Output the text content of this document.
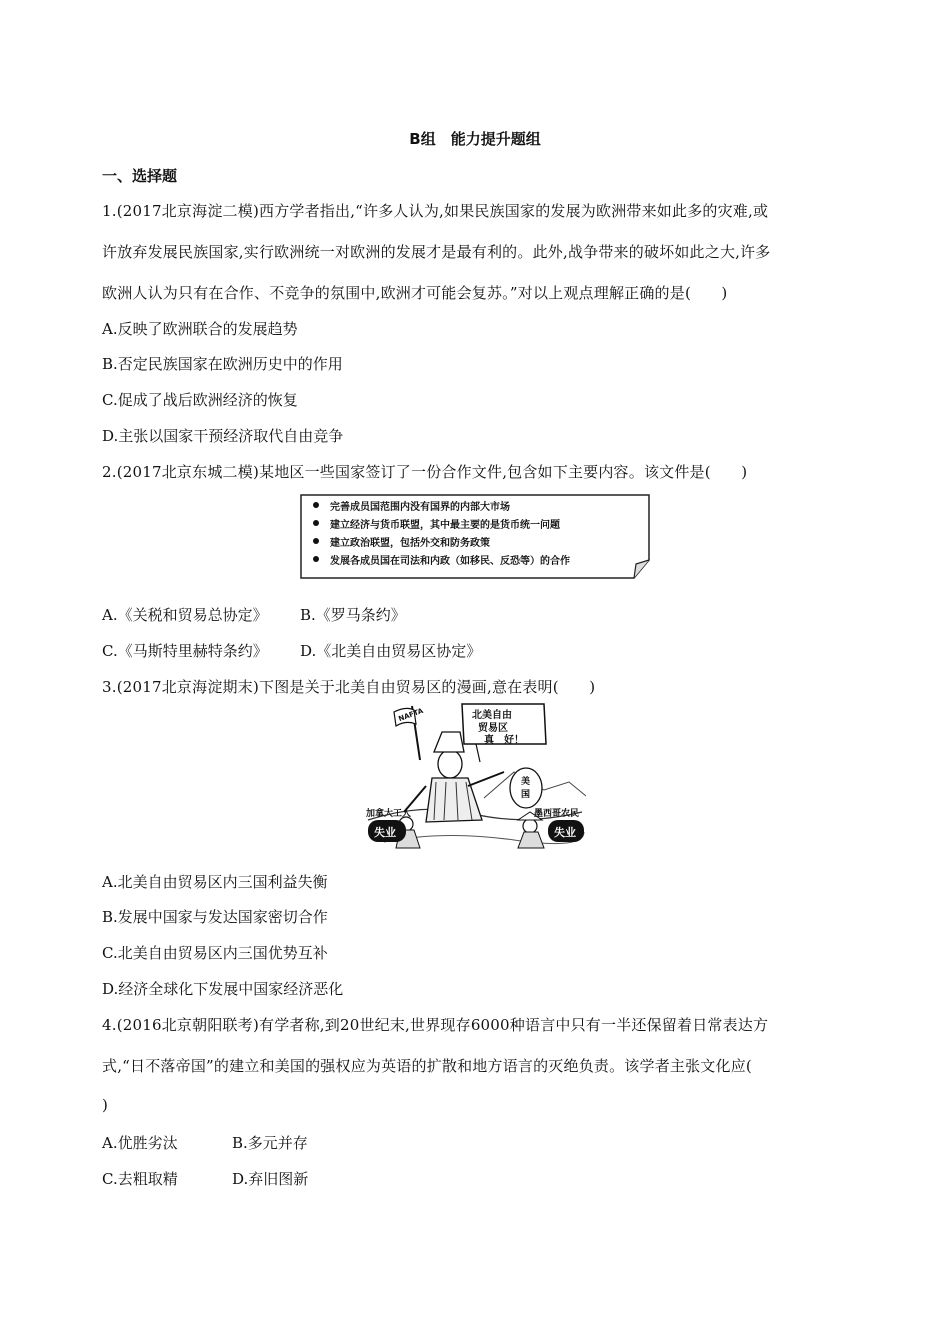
B组　能力提升题组
一、选择题
1.(2017北京海淀二模)西方学者指出,“许多人认为,如果民族国家的发展为欧洲带来如此多的灾难,或
许放弃发展民族国家,实行欧洲统一对欧洲的发展才是最有利的。此外,战争带来的破坏如此之大,许多
欧洲人认为只有在合作、不竞争的氛围中,欧洲才可能会复苏。”对以上观点理解正确的是(　　)
A.反映了欧洲联合的发展趋势
B.否定民族国家在欧洲历史中的作用
C.促成了战后欧洲经济的恢复
D.主张以国家干预经济取代自由竞争
2.(2017北京东城二模)某地区一些国家签订了一份合作文件,包含如下主要内容。该文件是(　　)
完善成员国范围内没有国界的内部大市场
建立经济与货币联盟，其中最主要的是货币统一问题
建立政治联盟，包括外交和防务政策
发展各成员国在司法和内政（如移民、反恐等）的合作
A.《关税和贸易总协定》 B.《罗马条约》
C.《马斯特里赫特条约》 D.《北美自由贸易区协定》
3.(2017北京海淀期末)下图是关于北美自由贸易区的漫画,意在表明(　　)
北美自由
贸易区
真　好！
美
国
NAFTA
加拿大工人
失业
墨西哥农民
失业
A.北美自由贸易区内三国利益失衡
B.发展中国家与发达国家密切合作
C.北美自由贸易区内三国优势互补
D.经济全球化下发展中国家经济恶化
4.(2016北京朝阳联考)有学者称,到20世纪末,世界现存6000种语言中只有一半还保留着日常表达方
式,“日不落帝国”的建立和美国的强权应为英语的扩散和地方语言的灭绝负责。该学者主张文化应(
)
A.优胜劣汰	B.多元并存
C.去粗取精	D.弃旧图新
